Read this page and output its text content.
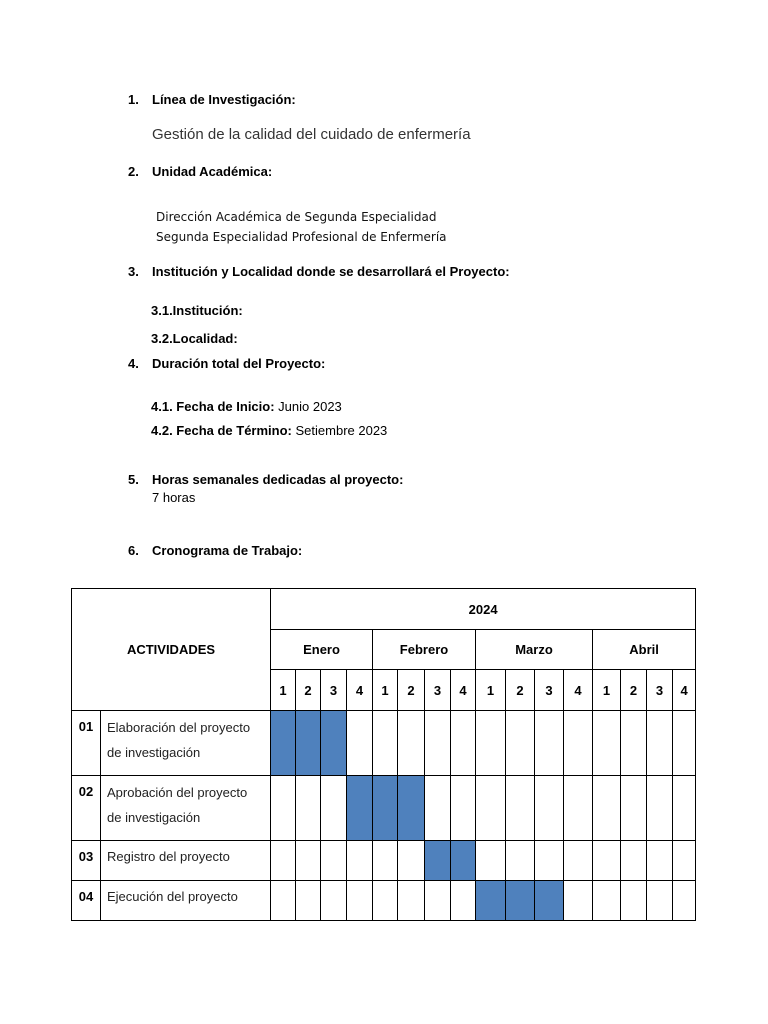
1. Línea de Investigación:
Gestión de la calidad del cuidado de enfermería
2. Unidad Académica:
Dirección Académica de Segunda Especialidad
Segunda Especialidad Profesional de Enfermería
3. Institución y Localidad donde se desarrollará el Proyecto:
3.1.Institución:
3.2.Localidad:
4. Duración total del Proyecto:
4.1. Fecha de Inicio: Junio 2023
4.2. Fecha de Término: Setiembre 2023
5. Horas semanales dedicadas al proyecto:
7 horas
6. Cronograma de Trabajo:
ACTIVIDADES		2024															
		Enero				Febrero				Marzo				Abril			
		1	2	3	4	1	2	3	4	1	2	3	4	1	2	3	4
01	Elaboración del proyecto de investigación																
02	Aprobación del proyecto de investigación																
03	Registro del proyecto																
04	Ejecución del proyecto																
